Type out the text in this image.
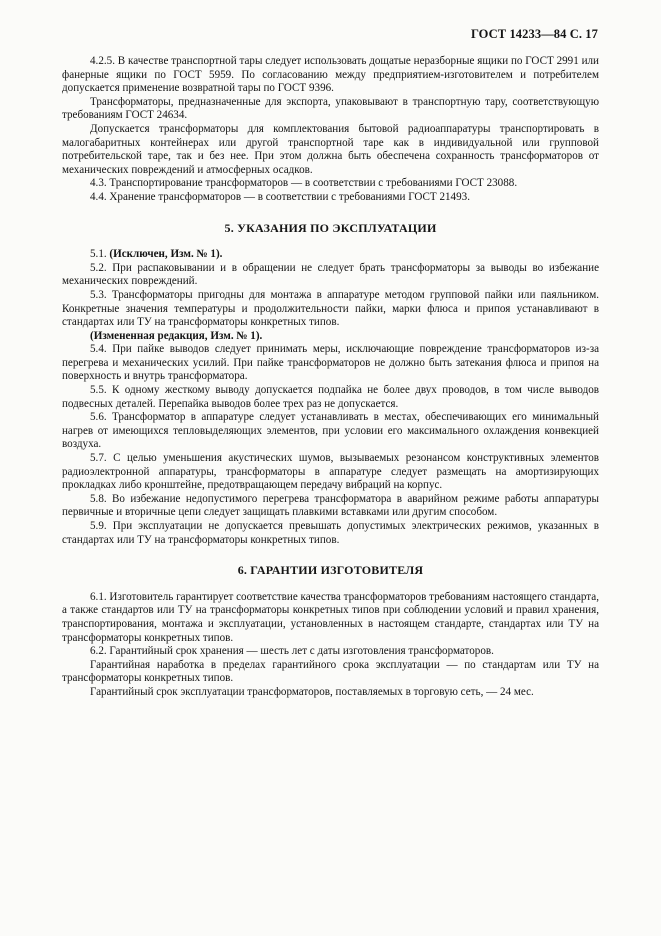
ГОСТ 14233—84 С. 17

4.2.5. В качестве транспортной тары следует использовать дощатые неразборные ящики по ГОСТ 2991 или фанерные ящики по ГОСТ 5959. По согласованию между предприятием-изготовителем и потребителем допускается применение возвратной тары по ГОСТ 9396.

Трансформаторы, предназначенные для экспорта, упаковывают в транспортную тару, соответствующую требованиям ГОСТ 24634.

Допускается трансформаторы для комплектования бытовой радиоаппаратуры транспортировать в малогабаритных контейнерах или другой транспортной таре как в индивидуальной или групповой потребительской таре, так и без нее. При этом должна быть обеспечена сохранность трансформаторов от механических повреждений и атмосферных осадков.

4.3. Транспортирование трансформаторов — в соответствии с требованиями ГОСТ 23088.

4.4. Хранение трансформаторов — в соответствии с требованиями ГОСТ 21493.

5. УКАЗАНИЯ ПО ЭКСПЛУАТАЦИИ

5.1. (Исключен, Изм. № 1).

5.2. При распаковывании и в обращении не следует брать трансформаторы за выводы во избежание механических повреждений.

5.3. Трансформаторы пригодны для монтажа в аппаратуре методом групповой пайки или паяльником. Конкретные значения температуры и продолжительности пайки, марки флюса и припоя устанавливают в стандартах или ТУ на трансформаторы конкретных типов.

(Измененная редакция, Изм. № 1).

5.4. При пайке выводов следует принимать меры, исключающие повреждение трансформаторов из-за перегрева и механических усилий. При пайке трансформаторов не должно быть затекания флюса и припоя на поверхность и внутрь трансформатора.

5.5. К одному жесткому выводу допускается подпайка не более двух проводов, в том числе выводов подвесных деталей. Перепайка выводов более трех раз не допускается.

5.6. Трансформатор в аппаратуре следует устанавливать в местах, обеспечивающих его минимальный нагрев от имеющихся тепловыделяющих элементов, при условии его максимального охлаждения конвекцией воздуха.

5.7. С целью уменьшения акустических шумов, вызываемых резонансом конструктивных элементов радиоэлектронной аппаратуры, трансформаторы в аппаратуре следует размещать на амортизирующих прокладках либо кронштейне, предотвращающем передачу вибраций на корпус.

5.8. Во избежание недопустимого перегрева трансформатора в аварийном режиме работы аппаратуры первичные и вторичные цепи следует защищать плавкими вставками или другим способом.

5.9. При эксплуатации не допускается превышать допустимых электрических режимов, указанных в стандартах или ТУ на трансформаторы конкретных типов.

6. ГАРАНТИИ ИЗГОТОВИТЕЛЯ

6.1. Изготовитель гарантирует соответствие качества трансформаторов требованиям настоящего стандарта, а также стандартов или ТУ на трансформаторы конкретных типов при соблюдении условий и правил хранения, транспортирования, монтажа и эксплуатации, установленных в настоящем стандарте, стандартах или ТУ на трансформаторы конкретных типов.

6.2. Гарантийный срок хранения — шесть лет с даты изготовления трансформаторов.

Гарантийная наработка в пределах гарантийного срока эксплуатации — по стандартам или ТУ на трансформаторы конкретных типов.

Гарантийный срок эксплуатации трансформаторов, поставляемых в торговую сеть, — 24 мес.
